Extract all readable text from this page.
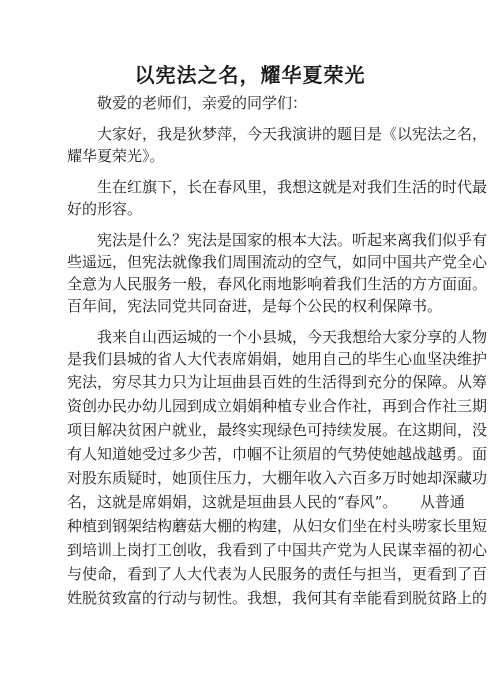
以宪法之名，耀华夏荣光
敬爱的老师们，亲爱的同学们：
大家好，我是狄梦萍，今天我演讲的题目是《以宪法之名，
耀华夏荣光》。
生在红旗下，长在春风里，我想这就是对我们生活的时代最
好的形容。
宪法是什么？宪法是国家的根本大法。听起来离我们似乎有
些遥远，但宪法就像我们周围流动的空气，如同中国共产党全心
全意为人民服务一般，春风化雨地影响着我们生活的方方面面。
百年间，宪法同党共同奋进，是每个公民的权利保障书。
我来自山西运城的一个小县城，今天我想给大家分享的人物
是我们县城的省人大代表席娟娟，她用自己的毕生心血坚决维护
宪法，穷尽其力只为让垣曲县百姓的生活得到充分的保障。从筹
资创办民办幼儿园到成立娟娟种植专业合作社，再到合作社三期
项目解决贫困户就业，最终实现绿色可持续发展。在这期间，没
有人知道她受过多少苦，巾帼不让须眉的气势使她越战越勇。面
对股东质疑时，她顶住压力，大棚年收入六百多万时她却深藏功
名，这就是席娟娟，这就是垣曲县人民的“春风”。　　从普通
种植到钢架结构蘑菇大棚的构建，从妇女们坐在村头唠家长里短
到培训上岗打工创收，我看到了中国共产党为人民谋幸福的初心
与使命，看到了人大代表为人民服务的责任与担当，更看到了百
姓脱贫致富的行动与韧性。我想，我何其有幸能看到脱贫路上的
